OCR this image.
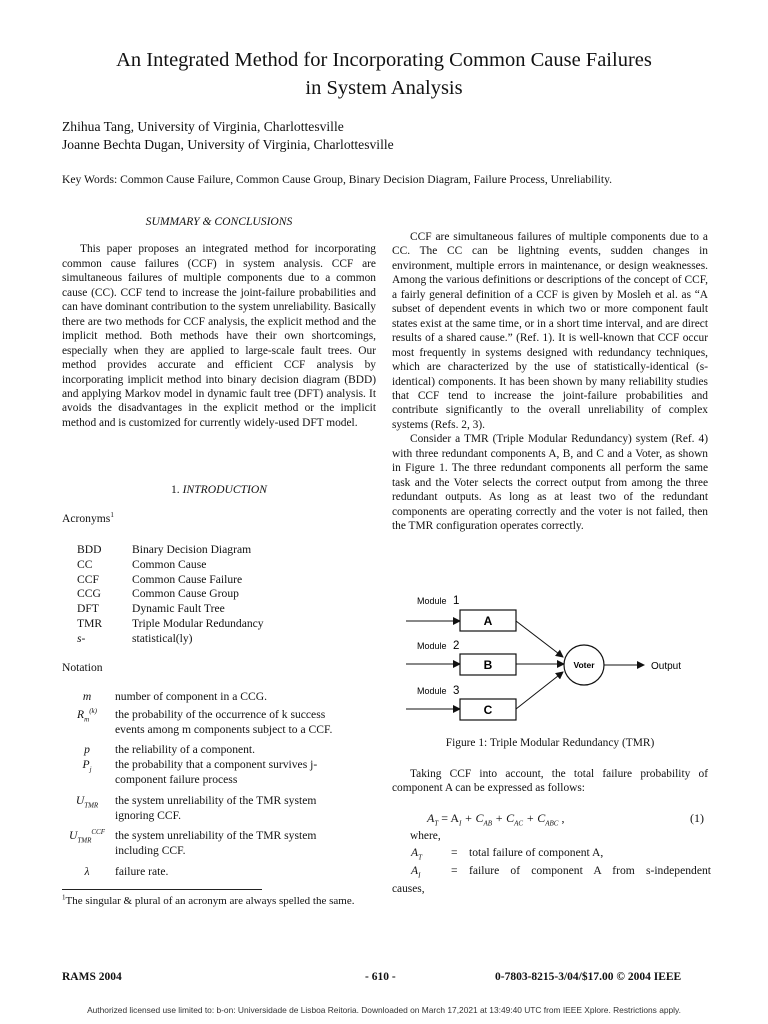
An Integrated Method for Incorporating Common Cause Failures
in System Analysis
Zhihua Tang, University of Virginia, Charlottesville
Joanne Bechta Dugan, University of Virginia, Charlottesville
Key Words: Common Cause Failure, Common Cause Group, Binary Decision Diagram, Failure Process, Unreliability.
SUMMARY & CONCLUSIONS

This paper proposes an integrated method for incorporating common cause failures (CCF) in system analysis. CCF are simultaneous failures of multiple components due to a common cause (CC). CCF tend to increase the joint-failure probabilities and can have dominant contribution to the system unreliability. Basically there are two methods for CCF analysis, the explicit method and the implicit method. Both methods have their own shortcomings, especially when they are applied to large-scale fault trees. Our method provides accurate and efficient CCF analysis by incorporating implicit method into binary decision diagram (BDD) and applying Markov model in dynamic fault tree (DFT) analysis. It avoids the disadvantages in the explicit method or the implicit method and is customized for currently widely-used DFT model.

1. INTRODUCTION
Acronyms$^1$
BDD	Binary Decision Diagram
CC	Common Cause
CCF	Common Cause Failure
CCG	Common Cause Group
DFT	Dynamic Fault Tree
TMR	Triple Modular Redundancy
s-	statistical(ly)
Notation
m	number of component in a CCG.
$R_m^{(k)}$	the probability of the occurrence of k success
events among m components subject to a CCF.
p	the reliability of a component.
$P_j$	the probability that a component survives j-
component failure process
$U_{TMR}$	the system unreliability of the TMR system
ignoring CCF.
$U_{TMR}^{CCF}$ the system unreliability of the TMR system
including CCF.
λ	failure rate.
$^1$The singular & plural of an acronym are always spelled the same.

CCF are simultaneous failures of multiple components due to a CC. The CC can be lightning events, sudden changes in environment, multiple errors in maintenance, or design weaknesses. Among the various definitions or descriptions of the concept of CCF, a fairly general definition of a CCF is given by Mosleh et al. as “A subset of dependent events in which two or more component fault states exist at the same time, or in a short time interval, and are direct results of a shared cause.” (Ref. 1). It is well-known that CCF occur most frequently in systems designed with redundancy techniques, which are characterized by the use of statistically-identical (s-identical) components. It has been shown by many reliability studies that CCF tend to increase the joint-failure probabilities and contribute significantly to the overall unreliability of complex systems (Refs. 2, 3).

Consider a TMR (Triple Modular Redundancy) system (Ref. 4) with three redundant components A, B, and C and a Voter, as shown in Figure 1. The three redundant components all perform the same task and the Voter selects the correct output from among the three redundant outputs. As long as at least two of the redundant components are operating correctly and the voter is not failed, then the TMR configuration operates correctly.

Module 1
A
Module 2
B
Module 3
C
Voter	Output
Figure 1: Triple Modular Redundancy (TMR)
Taking CCF into account, the total failure probability of component A can be expressed as follows:
$A_T = A_I + C_{AB} + C_{AC} + C_{ABC}$ ,	(1)
where,
$A_T$	= total failure of component A,
$A_I$	= failure of component A from s-independent
causes,
RAMS 2004	- 610 -	0-7803-8215-3/04/$17.00 © 2004 IEEE
Authorized licensed use limited to: b-on: Universidade de Lisboa Reitoria. Downloaded on March 17,2021 at 13:49:40 UTC from IEEE Xplore. Restrictions apply.
